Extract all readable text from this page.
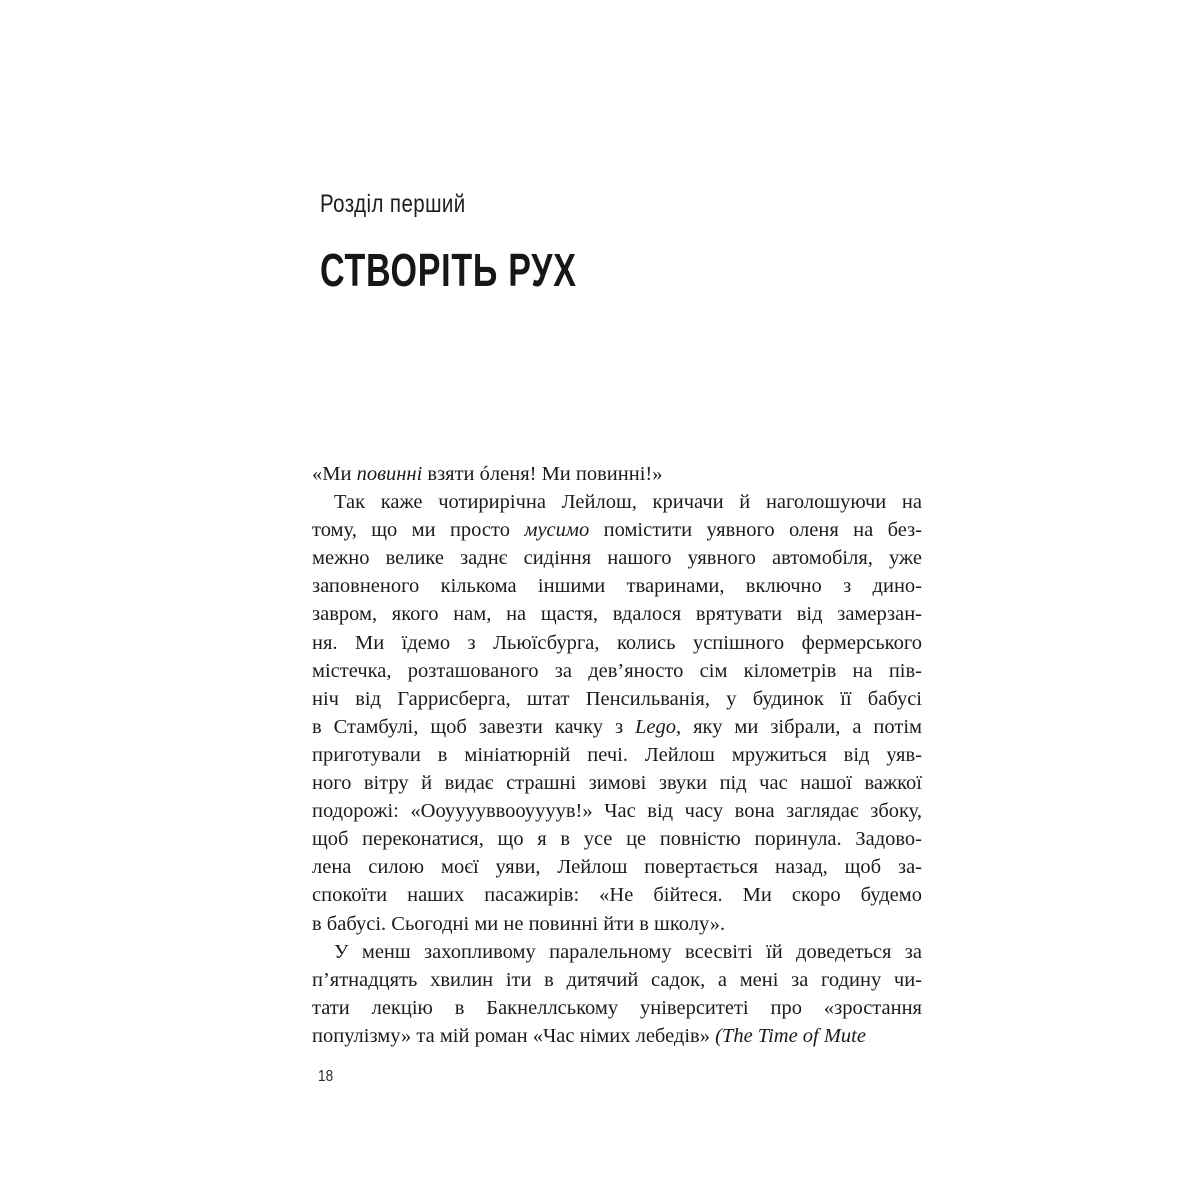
Розділ перший
СТВОРІТЬ РУХ
«Ми повинні взяти óленя! Ми повинні!»
Так каже чотирирічна Лейлош, кричачи й наголошуючи на
тому, що ми просто мусимо помістити уявного оленя на без-
межно велике заднє сидіння нашого уявного автомобіля, уже
заповненого кількома іншими тваринами, включно з дино-
завром, якого нам, на щастя, вдалося врятувати від замерзан-
ня. Ми їдемо з Льюїсбурга, колись успішного фермерського
містечка, розташованого за дев’яносто сім кілометрів на пів-
ніч від Гаррисберга, штат Пенсильванія, у будинок її бабусі
в Стамбулі, щоб завезти качку з Lego, яку ми зібрали, а потім
приготували в мініатюрній печі. Лейлош мружиться від уяв-
ного вітру й видає страшні зимові звуки під час нашої важкої
подорожі: «Ооууууввооуууув!» Час від часу вона заглядає збоку,
щоб переконатися, що я в усе це повністю поринула. Задово-
лена силою моєї уяви, Лейлош повертається назад, щоб за-
спокоїти наших пасажирів: «Не бійтеся. Ми скоро будемо
в бабусі. Сьогодні ми не повинні йти в школу».
У менш захопливому паралельному всесвіті їй доведеться за
п’ятнадцять хвилин іти в дитячий садок, а мені за годину чи-
тати лекцію в Бакнеллському університеті про «зростання
популізму» та мій роман «Час німих лебедів» (The Time of Mute
18
